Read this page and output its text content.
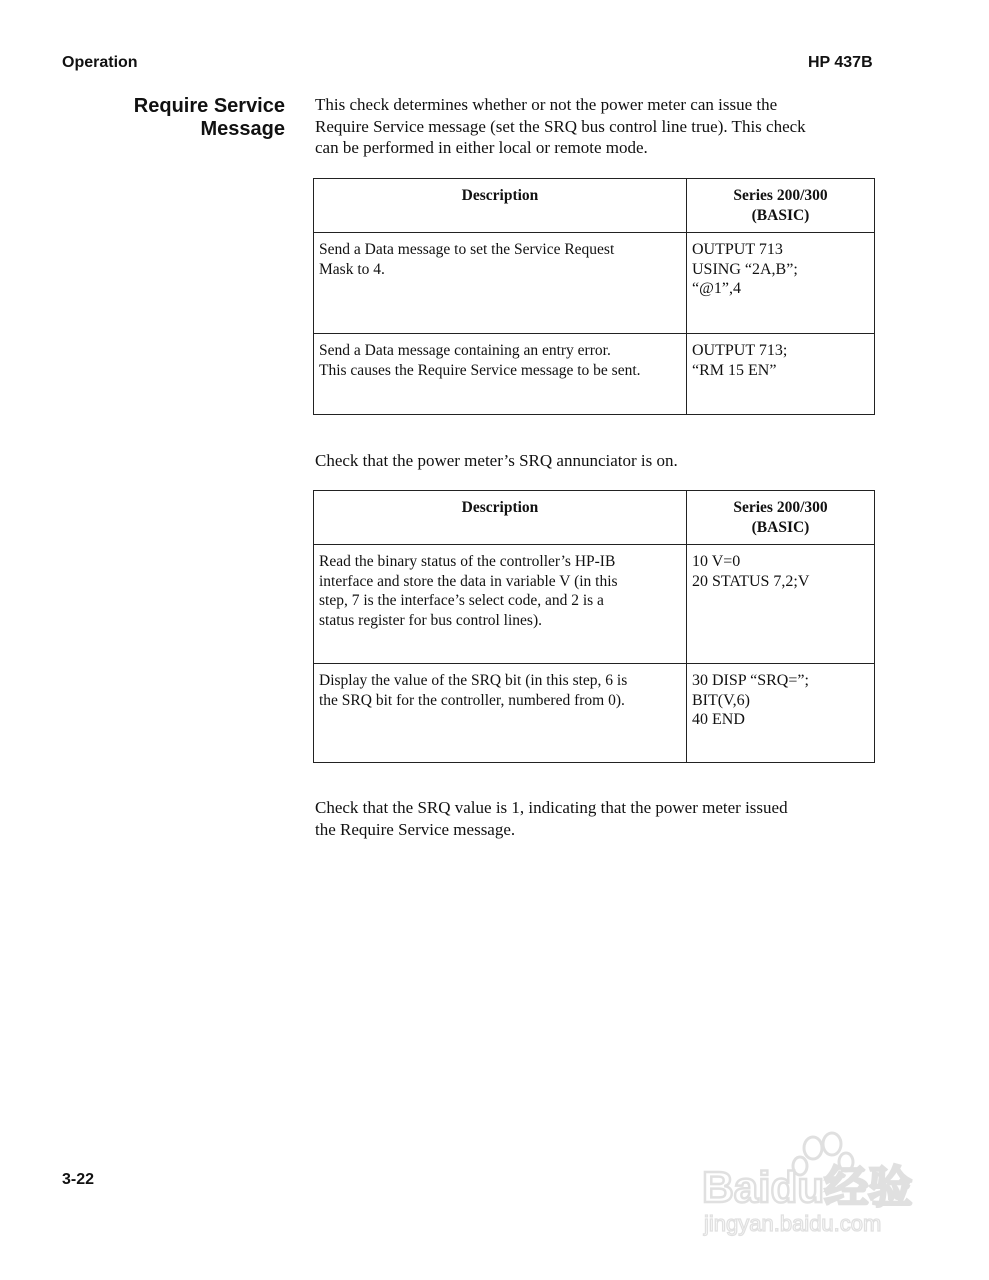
Operation	HP 437B
Require Service
Message

This check determines whether or not the power meter can issue the
Require Service message (set the SRQ bus control line true). This check
can be performed in either local or remote mode.

Description	Series 200/300
(BASIC)

Send a Data message to set the Service Request
Mask to 4.	OUTPUT 713
USING “2A,B”;
“@1”,4

Send a Data message containing an entry error.
This causes the Require Service message to be sent.	OUTPUT 713;
“RM 15 EN”

Check that the power meter’s SRQ annunciator is on.

Description	Series 200/300
(BASIC)

Read the binary status of the controller’s HP-IB
interface and store the data in variable V (in this
step, 7 is the interface’s select code, and 2 is a
status register for bus control lines).	10 V=0
20 STATUS 7,2;V

Display the value of the SRQ bit (in this step, 6 is
the SRQ bit for the controller, numbered from 0).	30 DISP “SRQ=”;
BIT(V,6)
40 END

Check that the SRQ value is 1, indicating that the power meter issued
the Require Service message.

3-22	Baidu经验
jingyan.baidu.com
